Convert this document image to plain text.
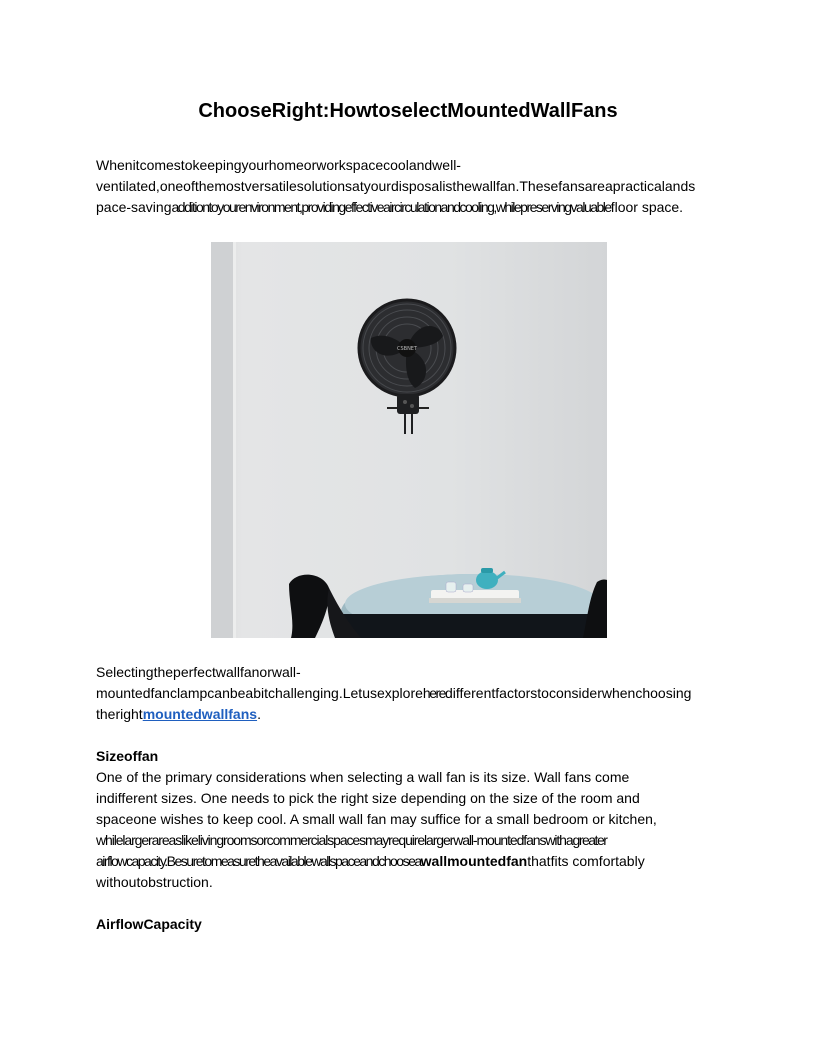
ChooseRight:HowtoselectMountedWallFans
Whenitcomestokeepingyourhomeorworkspacecoolandwell-
ventilated,oneofthemostversatilesolutionsatyourdisposalisthewallfan.Thesefansareapracticalands
pace-savingadditiontoyourenvironment,providingeffectiveaircirculationandcooling,whilepreservingvaluablefloor space.
CSBNET
Selectingtheperfectwallfanorwall-
mountedfanclampcanbeabitchallenging.Letusexploreheredifferentfactorstoconsiderwhenchoosing
therightmountedwallfans.
Sizeoffan
One of the primary considerations when selecting a wall fan is its size. Wall fans come
indifferent sizes. One needs to pick the right size depending on the size of the room and
spaceone wishes to keep cool. A small wall fan may suffice for a small bedroom or kitchen,
whilelargerareaslikelivingroomsorcommercialspacesmayrequirelargerwall-mountedfanswithagreater
airflowcapacity.Besuretomeasuretheavailablewallspaceandchooseawallmountedfanthatfits comfortably
withoutobstruction.
AirflowCapacity
